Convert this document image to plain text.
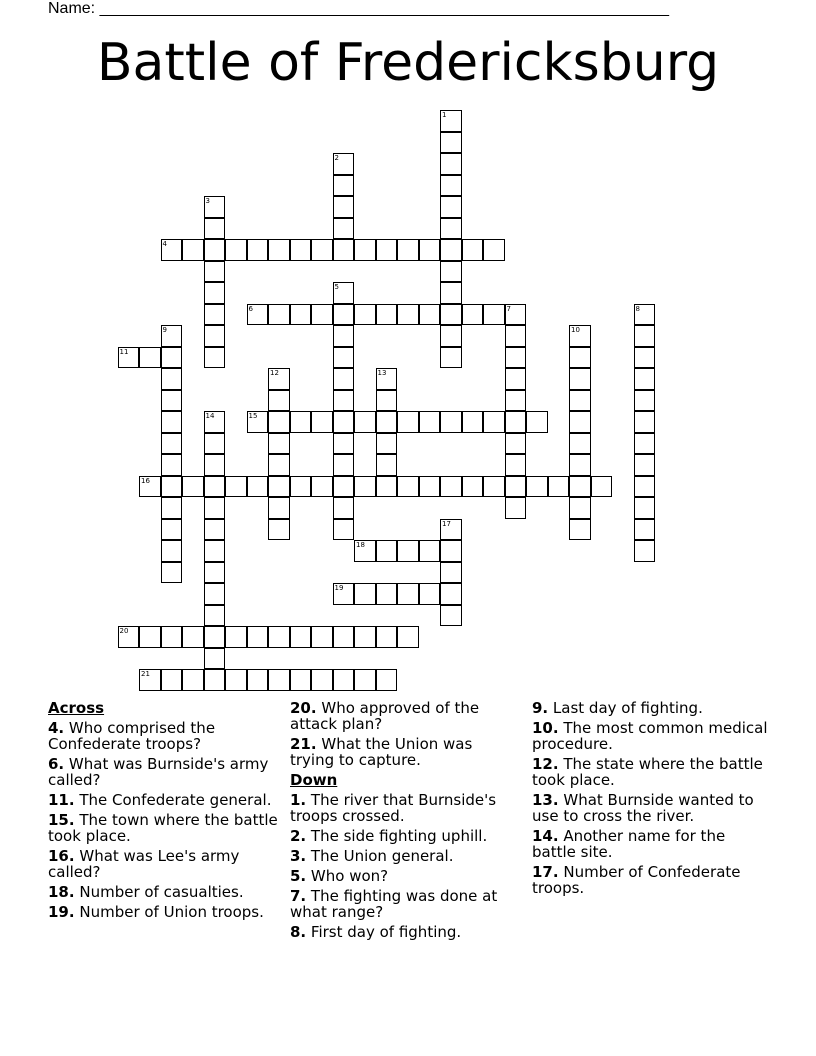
Name: ________________________________________________________________
Battle of Fredericksburg
1
2
3
4
5
6	7	8
9	10
11
12	13
14	15
16
17
18
19
20
21
Across
4. Who comprised the Confederate troops?
6. What was Burnside's army called?
11. The Confederate general.
15. The town where the battle took place.
16. What was Lee's army called?
18. Number of casualties.
19. Number of Union troops.
20. Who approved of the attack plan?
21. What the Union was trying to capture.
Down
1. The river that Burnside's troops crossed.
2. The side fighting uphill.
3. The Union general.
5. Who won?
7. The fighting was done at what range?
8. First day of fighting.
9. Last day of fighting.
10. The most common medical procedure.
12. The state where the battle took place.
13. What Burnside wanted to use to cross the river.
14. Another name for the battle site.
17. Number of Confederate troops.
